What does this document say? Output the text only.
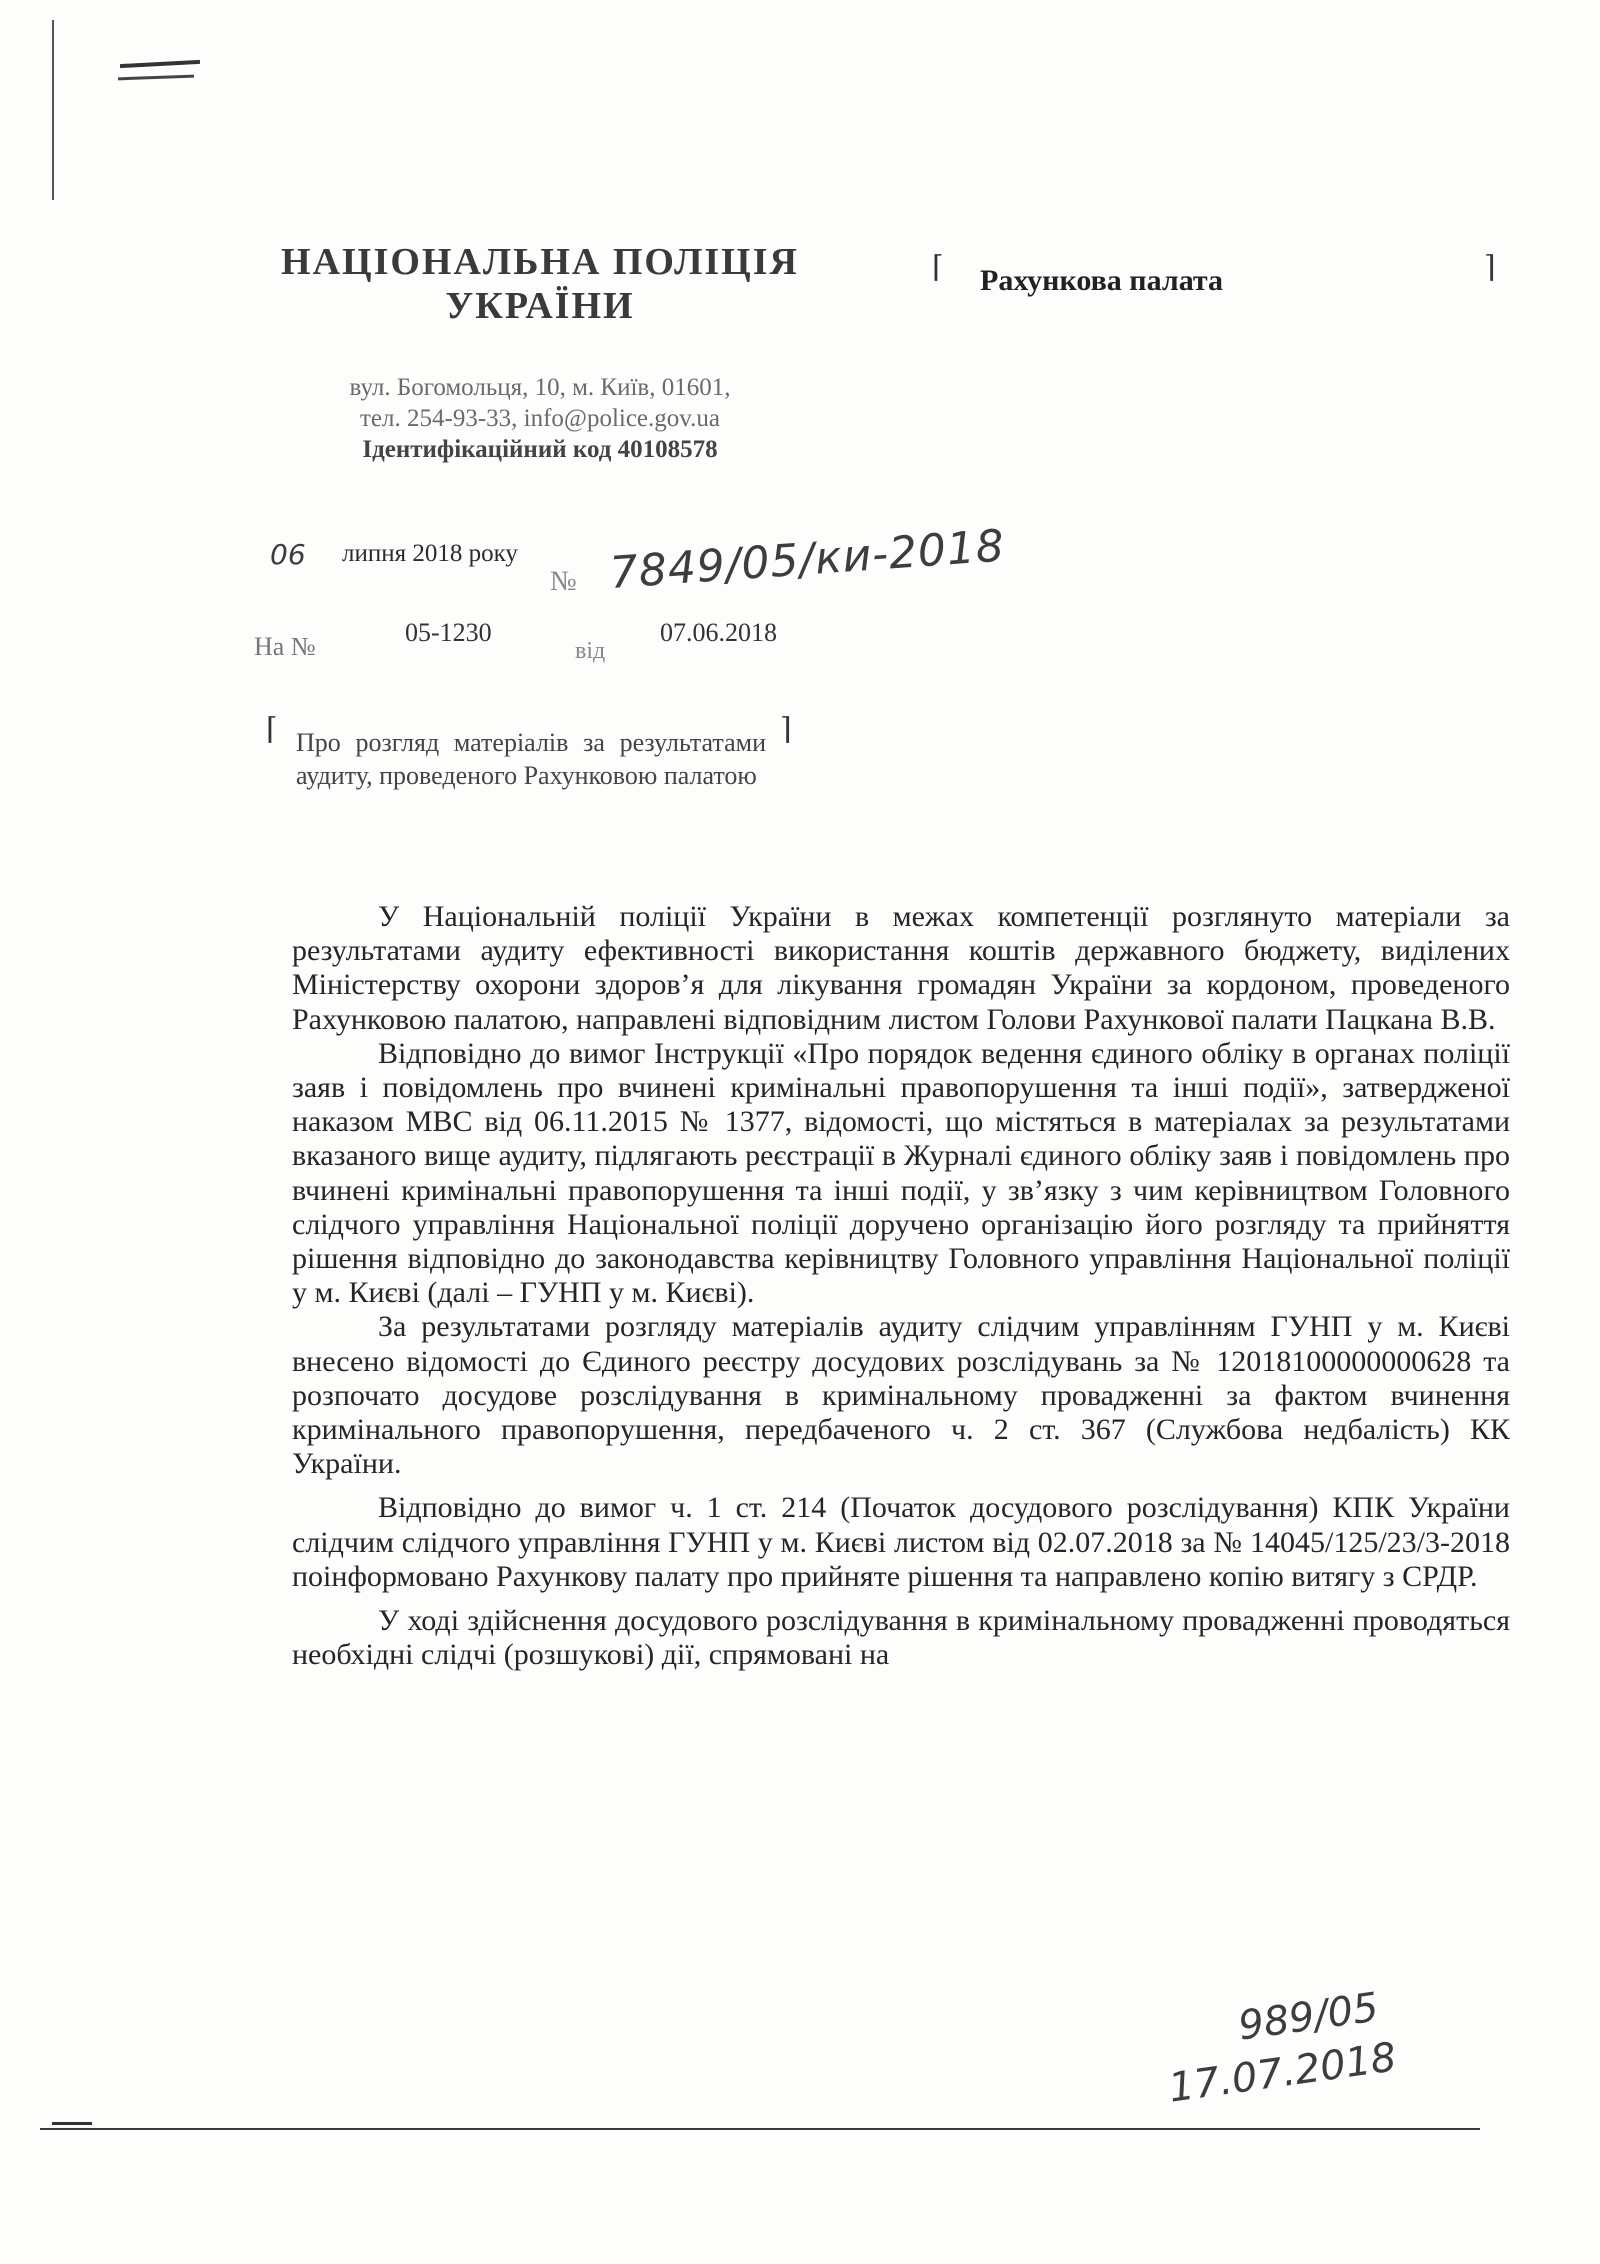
НАЦІОНАЛЬНА ПОЛІЦІЯ
УКРАЇНИ
вул. Богомольця, 10, м. Київ, 01601,
тел. 254-93-33, info@police.gov.ua
Ідентифікаційний код 40108578
⌈ Рахункова палата	⌉
06 липня 2018 року
№ 7849/05/ки-2018
На №	05-1230
від
07.06.2018
⌈ Про розгляд матеріалів за результатами аудиту, проведеного Рахунковою палатою
⌉

У Національній поліції України в межах компетенції розглянуто матеріали за результатами аудиту ефективності використання коштів державного бюджету, виділених Міністерству охорони здоров’я для лікування громадян України за кордоном, проведеного Рахунковою палатою, направлені відповідним листом Голови Рахункової палати Пацкана В.В.

Відповідно до вимог Інструкції «Про порядок ведення єдиного обліку в органах поліції заяв і повідомлень про вчинені кримінальні правопорушення та інші події», затвердженої наказом МВС від 06.11.2015 № 1377, відомості, що містяться в матеріалах за результатами вказаного вище аудиту, підлягають реєстрації в Журналі єдиного обліку заяв і повідомлень про вчинені кримінальні правопорушення та інші події, у зв’язку з чим керівництвом Головного слідчого управління Національної поліції доручено організацію його розгляду та прийняття рішення відповідно до законодавства керівництву Головного управління Національної поліції у м. Києві (далі – ГУНП у м. Києві).

За результатами розгляду матеріалів аудиту слідчим управлінням ГУНП у м. Києві внесено відомості до Єдиного реєстру досудових розслідувань за № 12018100000000628 та розпочато досудове розслідування в кримінальному провадженні за фактом вчинення кримінального правопорушення, передбаченого ч. 2 ст. 367 (Службова недбалість) КК України.

Відповідно до вимог ч. 1 ст. 214 (Початок досудового розслідування) КПК України слідчим слідчого управління ГУНП у м. Києві листом від 02.07.2018 за № 14045/125/23/3-2018 поінформовано Рахункову палату про прийняте рішення та направлено копію витягу з СРДР.

У ході здійснення досудового розслідування в кримінальному провадженні проводяться необхідні слідчі (розшукові) дії, спрямовані на

989/05
17.07.2018
